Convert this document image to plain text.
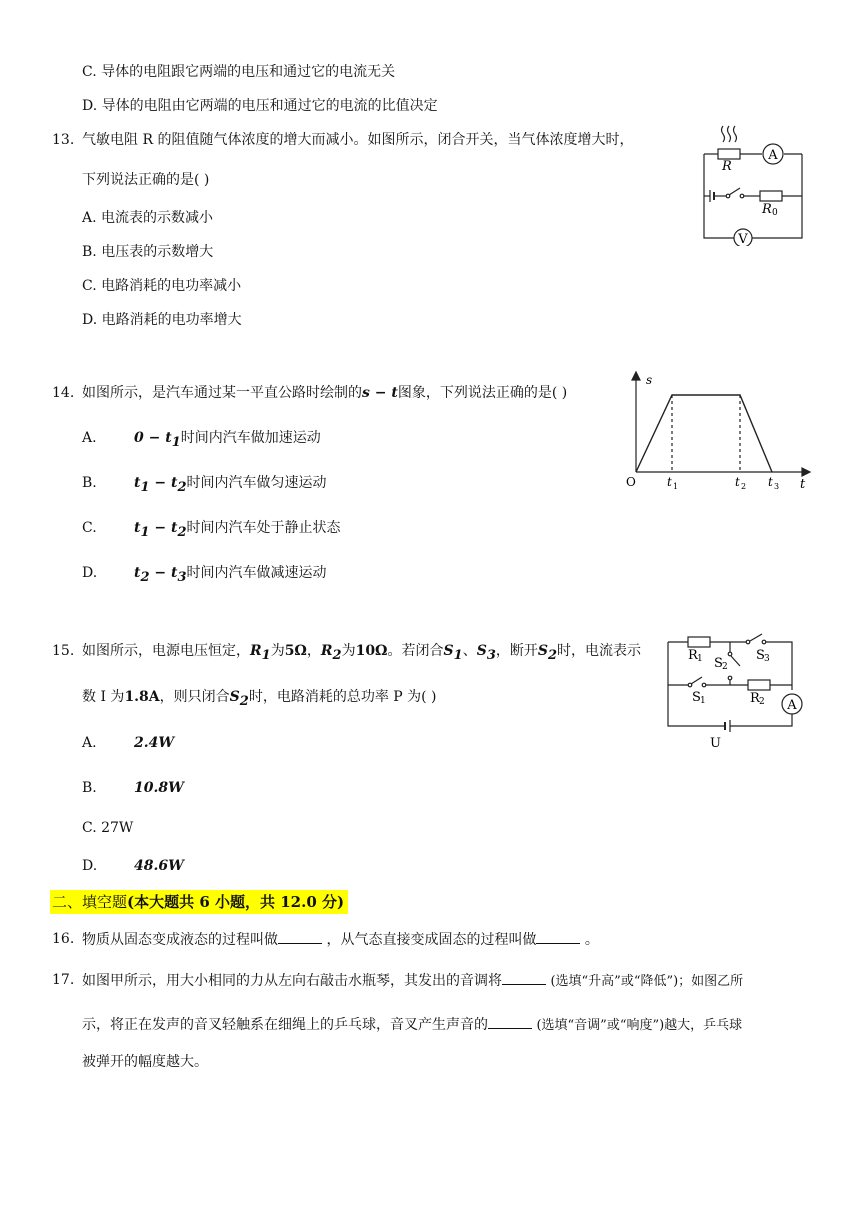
C. 导体的电阻跟它两端的电压和通过它的电流无关
D. 导体的电阻由它两端的电压和通过它的电流的比值决定
13. 气敏电阻 R 的阻值随气体浓度的增大而减小。如图所示，闭合开关，当气体浓度增大时，
下列说法正确的是( )
A. 电流表的示数减小
B. 电压表的示数增大
C. 电路消耗的电功率减小
D. 电路消耗的电功率增大
R
A
R 0
V
14. 如图所示，是汽车通过某一平直公路时绘制的s − t图象，下列说法正确的是( )
A.	$0 - t_1$时间内汽车做加速运动
B.	$t_1 - t_2$时间内汽车做匀速运动
C.	$t_1 - t_2$时间内汽车处于静止状态
D.	$t_2 - t_3$时间内汽车做减速运动
s
t
O	t 1	t 2 t 3
15. 如图所示，电源电压恒定，$R_1$为5Ω，$R_2$为10Ω。若闭合$S_1$、$S_3$，断开$S_2$时，电流表示
数 I 为1.8A，则只闭合$S_2$时，电路消耗的总功率 P 为( )
A.	2.4W
B.	10.8W
C. 27W
D.	48.6W
R 1 S 2
S 3
S 1	R 2 A
U
二、填空题(本大题共 6 小题，共 12.0 分)
16. 物质从固态变成液态的过程叫做	，从气态直接变成固态的过程叫做	。
17. 如图甲所示，用大小相同的力从左向右敲击水瓶琴，其发出的音调将	(选填“升高”或“降低”)；如图乙所
示，将正在发声的音叉轻触系在细绳上的乒乓球，音叉产生声音的	(选填“音调”或“响度”)越大，乒乓球
被弹开的幅度越大。
